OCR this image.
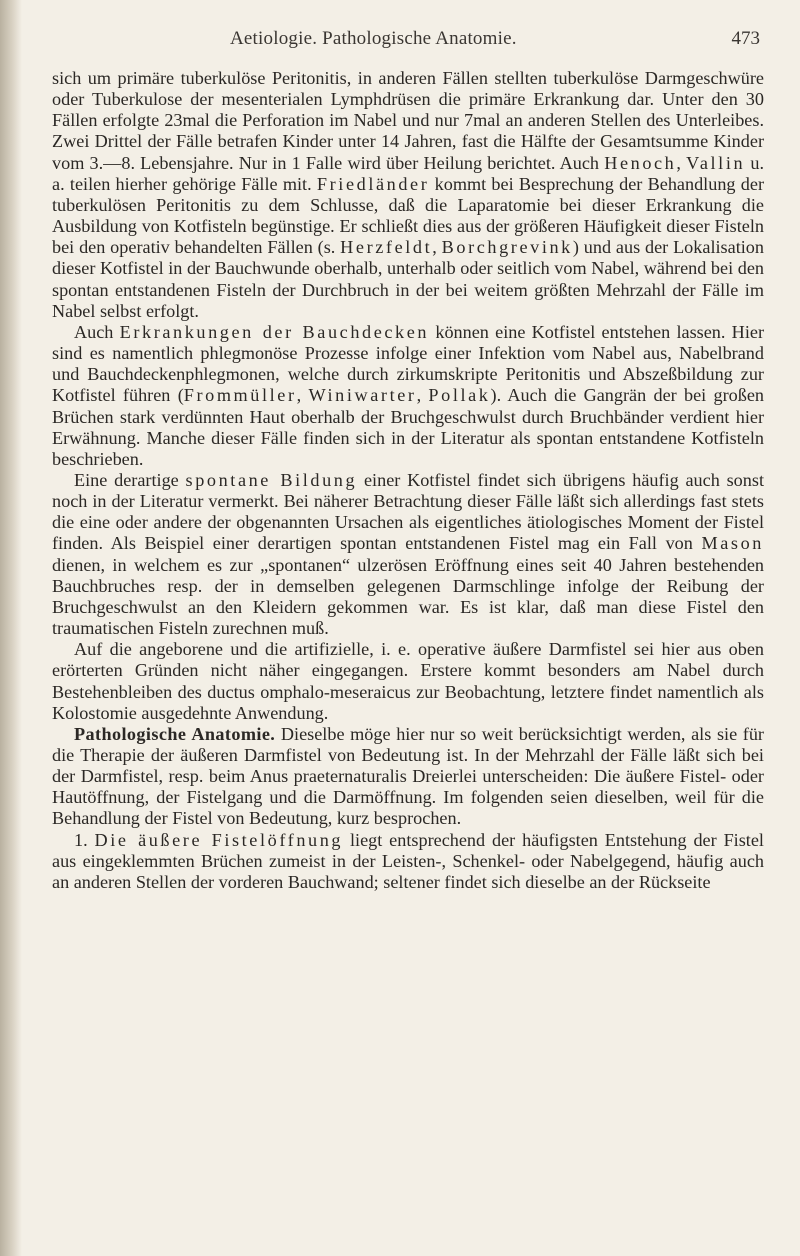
Aetiologie. Pathologische Anatomie.	473

sich um primäre tuberkulöse Peritonitis, in anderen Fällen stellten tuberkulöse Darmgeschwüre oder Tuberkulose der mesenterialen Lymphdrüsen die primäre Erkrankung dar. Unter den 30 Fällen erfolgte 23mal die Perforation im Nabel und nur 7mal an anderen Stellen des Unterleibes. Zwei Drittel der Fälle betrafen Kinder unter 14 Jahren, fast die Hälfte der Gesamtsumme Kinder vom 3.—8. Lebensjahre. Nur in 1 Falle wird über Heilung berichtet. Auch Henoch, Vallin u. a. teilen hierher gehörige Fälle mit. Friedländer kommt bei Besprechung der Behandlung der tuberkulösen Peritonitis zu dem Schlusse, daß die Laparatomie bei dieser Erkrankung die Ausbildung von Kotfisteln begünstige. Er schließt dies aus der größeren Häufigkeit dieser Fisteln bei den operativ behandelten Fällen (s. Herzfeldt, Borchgrevink) und aus der Lokalisation dieser Kotfistel in der Bauchwunde oberhalb, unterhalb oder seitlich vom Nabel, während bei den spontan entstandenen Fisteln der Durchbruch in der bei weitem größten Mehrzahl der Fälle im Nabel selbst erfolgt.

Auch Erkrankungen der Bauchdecken können eine Kotfistel entstehen lassen. Hier sind es namentlich phlegmonöse Prozesse infolge einer Infektion vom Nabel aus, Nabelbrand und Bauchdeckenphlegmonen, welche durch zirkumskripte Peritonitis und Abszeßbildung zur Kotfistel führen (Frommüller, Winiwarter, Pollak). Auch die Gangrän der bei großen Brüchen stark verdünnten Haut oberhalb der Bruchgeschwulst durch Bruchbänder verdient hier Erwähnung. Manche dieser Fälle finden sich in der Literatur als spontan entstandene Kotfisteln beschrieben.

Eine derartige spontane Bildung einer Kotfistel findet sich übrigens häufig auch sonst noch in der Literatur vermerkt. Bei näherer Betrachtung dieser Fälle läßt sich allerdings fast stets die eine oder andere der obgenannten Ursachen als eigentliches ätiologisches Moment der Fistel finden. Als Beispiel einer derartigen spontan entstandenen Fistel mag ein Fall von Mason dienen, in welchem es zur „spontanen“ ulzerösen Eröffnung eines seit 40 Jahren bestehenden Bauchbruches resp. der in demselben gelegenen Darmschlinge infolge der Reibung der Bruchgeschwulst an den Kleidern gekommen war. Es ist klar, daß man diese Fistel den traumatischen Fisteln zurechnen muß.

Auf die angeborene und die artifizielle, i. e. operative äußere Darmfistel sei hier aus oben erörterten Gründen nicht näher eingegangen. Erstere kommt besonders am Nabel durch Bestehenbleiben des ductus omphalo-meseraicus zur Beobachtung, letztere findet namentlich als Kolostomie ausgedehnte Anwendung.

Pathologische Anatomie. Dieselbe möge hier nur so weit berücksichtigt werden, als sie für die Therapie der äußeren Darmfistel von Bedeutung ist. In der Mehrzahl der Fälle läßt sich bei der Darmfistel, resp. beim Anus praeternaturalis Dreierlei unterscheiden: Die äußere Fistel- oder Hautöffnung, der Fistelgang und die Darmöffnung. Im folgenden seien dieselben, weil für die Behandlung der Fistel von Bedeutung, kurz besprochen.

1. Die äußere Fistelöffnung liegt entsprechend der häufigsten Entstehung der Fistel aus eingeklemmten Brüchen zumeist in der Leisten-, Schenkel- oder Nabelgegend, häufig auch an anderen Stellen der vorderen Bauchwand; seltener findet sich dieselbe an der Rückseite
